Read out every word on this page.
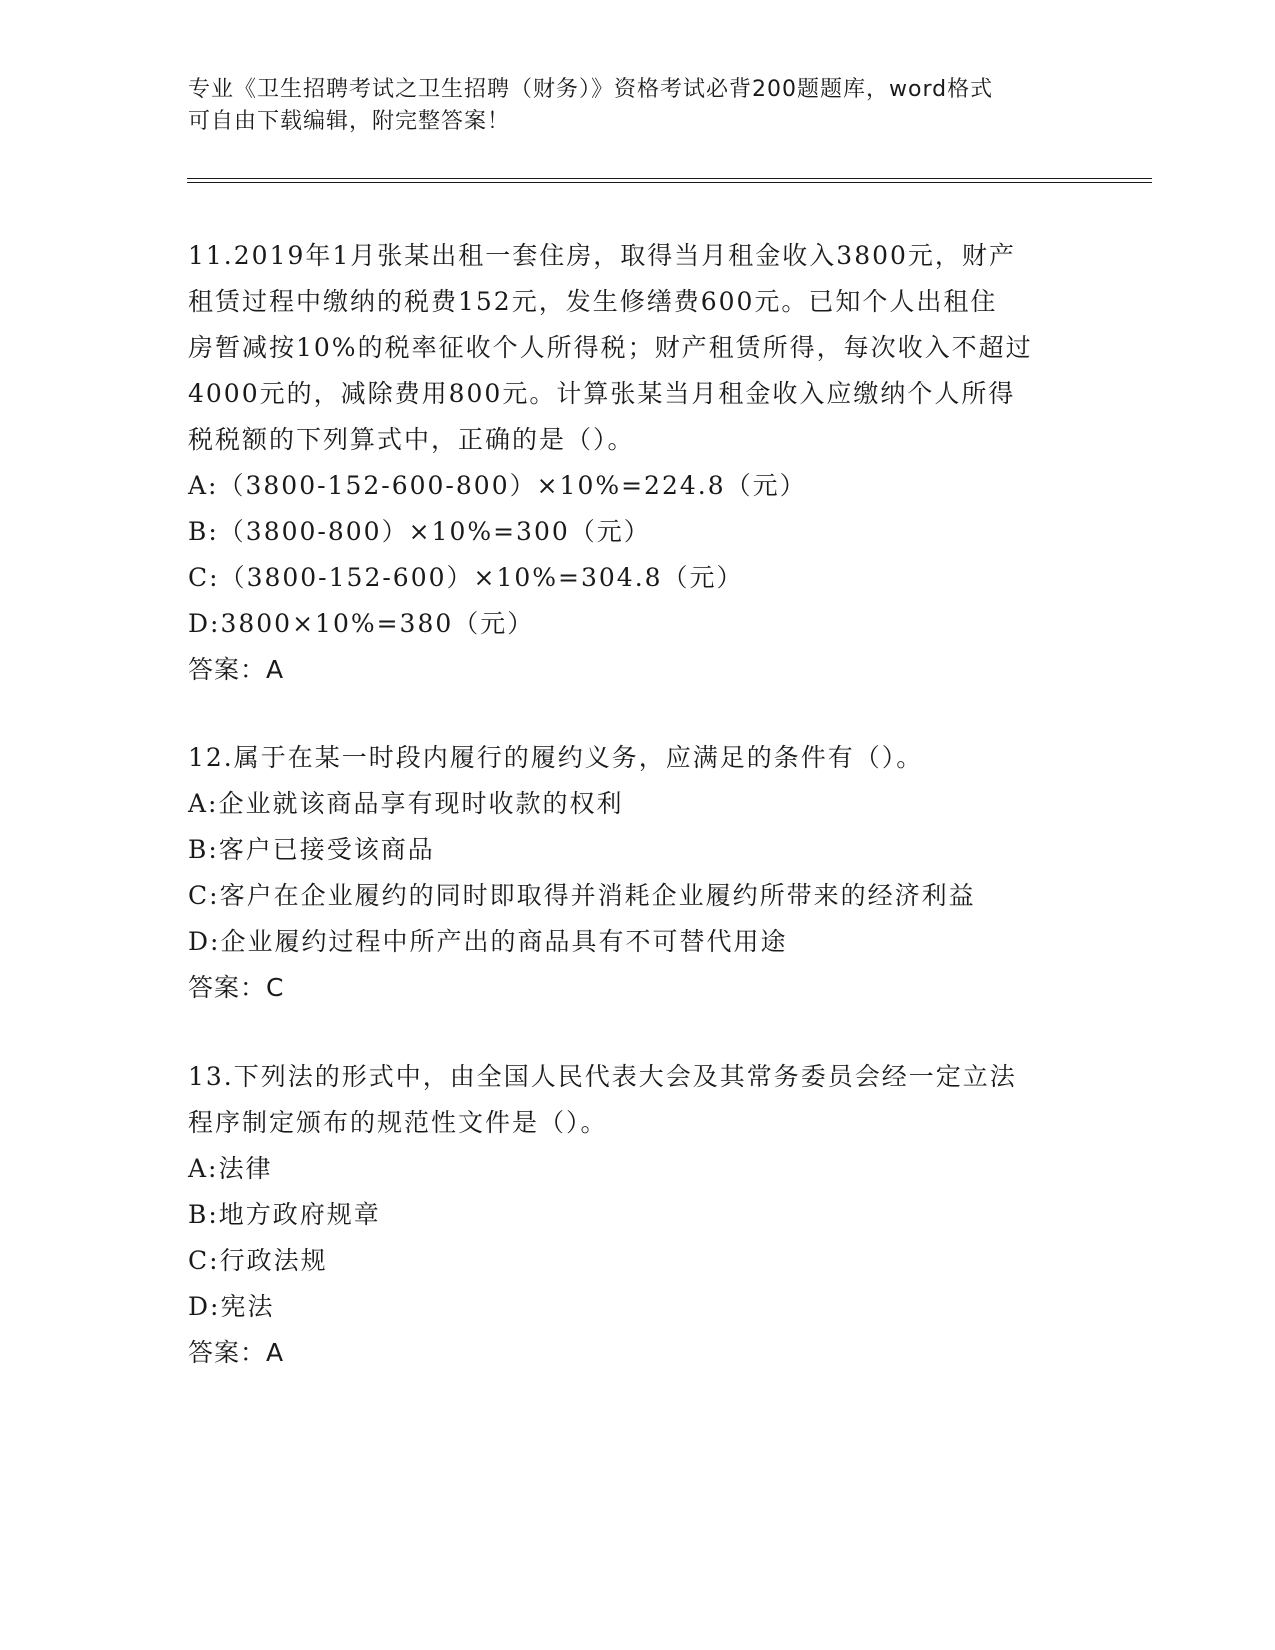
专业《卫生招聘考试之卫生招聘（财务）》资格考试必背200题题库，word格式
可自由下载编辑，附完整答案！

11.2019年1月张某出租一套住房，取得当月租金收入3800元，财产

租赁过程中缴纳的税费152元，发生修缮费600元。已知个人出租住

房暂减按10%的税率征收个人所得税；财产租赁所得，每次收入不超过

4000元的，减除费用800元。计算张某当月租金收入应缴纳个人所得

税税额的下列算式中，正确的是（）。

A: （3800-152-600-800）×10%=224.8（元）

B: （3800-800）×10%=300（元）

C: （3800-152-600）×10%=304.8（元）

D: 3800×10%=380（元）

答案：A

12.属于在某一时段内履行的履约义务，应满足的条件有（）。

A: 企业就该商品享有现时收款的权利

B: 客户已接受该商品

C: 客户在企业履约的同时即取得并消耗企业履约所带来的经济利益

D: 企业履约过程中所产出的商品具有不可替代用途

答案：C

13.下列法的形式中，由全国人民代表大会及其常务委员会经一定立法

程序制定颁布的规范性文件是（）。

A: 法律

B: 地方政府规章

C: 行政法规

D: 宪法

答案：A
